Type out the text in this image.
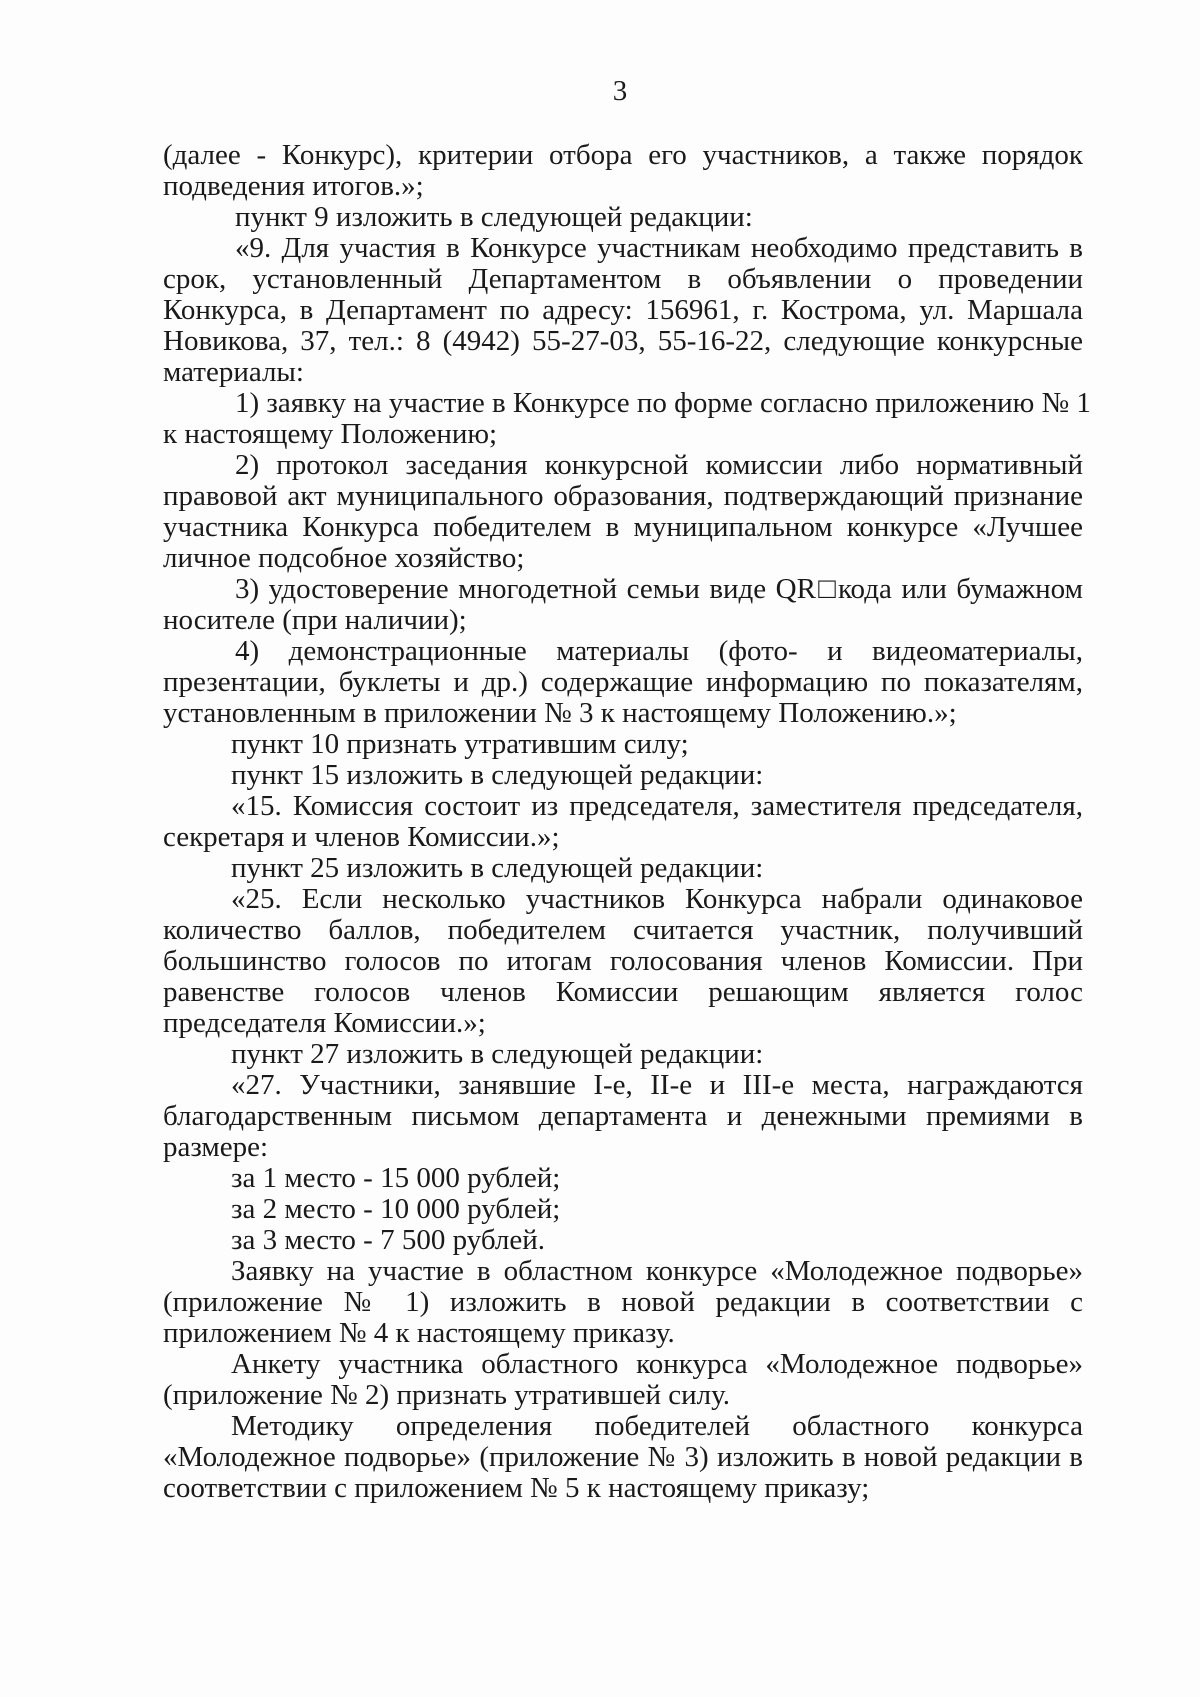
3
(далее - Конкурс), критерии отбора его участников, а также порядок
подведения итогов.»;
пункт 9 изложить в следующей редакции:
«9. Для участия в Конкурсе участникам необходимо представить в
срок, установленный Департаментом в объявлении о проведении
Конкурса, в Департамент по адресу: 156961, г. Кострома, ул. Маршала
Новикова, 37, тел.: 8 (4942) 55-27-03, 55-16-22, следующие конкурсные
материалы:
1) заявку на участие в Конкурсе по форме согласно приложению № 1
к настоящему Положению;
2) протокол заседания конкурсной комиссии либо нормативный
правовой акт муниципального образования, подтверждающий признание
участника Конкурса победителем в муниципальном конкурсе «Лучшее
личное подсобное хозяйство;
3) удостоверение многодетной семьи виде QR□кода или бумажном
носителе (при наличии);
4) демонстрационные материалы (фото- и видеоматериалы,
презентации, буклеты и др.) содержащие информацию по показателям,
установленным в приложении № 3 к настоящему Положению.»;
пункт 10 признать утратившим силу;
пункт 15 изложить в следующей редакции:
«15. Комиссия состоит из председателя, заместителя председателя,
секретаря и членов Комиссии.»;
пункт 25 изложить в следующей редакции:
«25. Если несколько участников Конкурса набрали одинаковое
количество баллов, победителем считается участник, получивший
большинство голосов по итогам голосования членов Комиссии. При
равенстве голосов членов Комиссии решающим является голос
председателя Комиссии.»;
пункт 27 изложить в следующей редакции:
«27. Участники, занявшие I-е, II-е и III-е места, награждаются
благодарственным письмом департамента и денежными премиями в
размере:
за 1 место - 15 000 рублей;
за 2 место - 10 000 рублей;
за 3 место - 7 500 рублей.
Заявку на участие в областном конкурсе «Молодежное подворье»
(приложение № 1) изложить в новой редакции в соответствии с
приложением № 4 к настоящему приказу.
Анкету участника областного конкурса «Молодежное подворье»
(приложение № 2) признать утратившей силу.
Методику определения победителей областного конкурса
«Молодежное подворье» (приложение № 3) изложить в новой редакции в
соответствии с приложением № 5 к настоящему приказу;
